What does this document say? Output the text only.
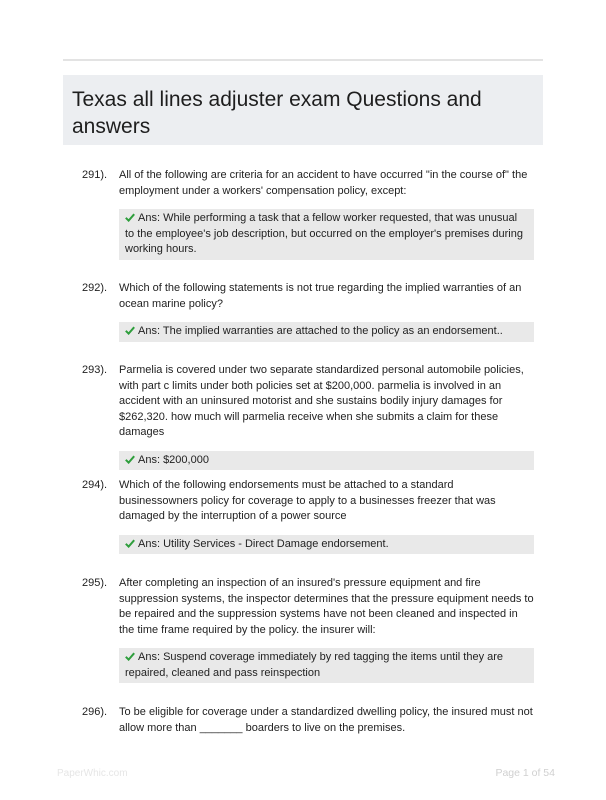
Texas all lines adjuster exam Questions and answers
291). All of the following are criteria for an accident to have occurred "in the course of" the employment under a workers' compensation policy, except:
Ans: While performing a task that a fellow worker requested, that was unusual to the employee's job description, but occurred on the employer's premises during working hours.
292). Which of the following statements is not true regarding the implied warranties of an ocean marine policy?
Ans: The implied warranties are attached to the policy as an endorsement..
293). Parmelia is covered under two separate standardized personal automobile policies, with part c limits under both policies set at $200,000. parmelia is involved in an accident with an uninsured motorist and she sustains bodily injury damages for $262,320. how much will parmelia receive when she submits a claim for these damages
Ans: $200,000
294). Which of the following endorsements must be attached to a standard businessowners policy for coverage to apply to a businesses freezer that was damaged by the interruption of a power source
Ans: Utility Services - Direct Damage endorsement.
295). After completing an inspection of an insured's pressure equipment and fire suppression systems, the inspector determines that the pressure equipment needs to be repaired and the suppression systems have not been cleaned and inspected in the time frame required by the policy. the insurer will:
Ans: Suspend coverage immediately by red tagging the items until they are repaired, cleaned and pass reinspection
296). To be eligible for coverage under a standardized dwelling policy, the insured must not allow more than _______ boarders to live on the premises.
PaperWhic.com	Page 1 of 54
